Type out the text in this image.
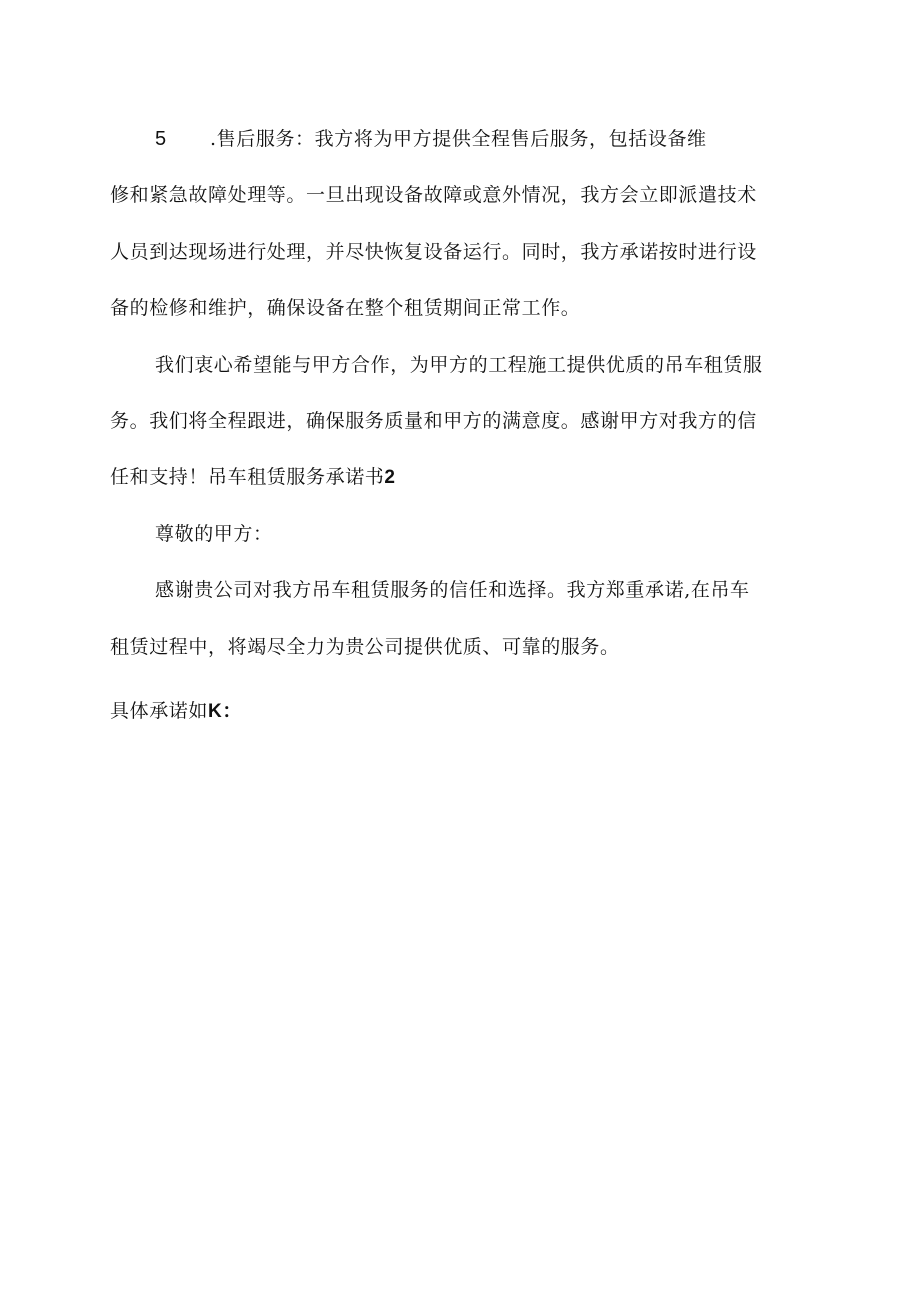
5 .售后服务：我方将为甲方提供全程售后服务，包括设备维
修和紧急故障处理等。一旦出现设备故障或意外情况，我方会立即派遣技术
人员到达现场进行处理，并尽快恢复设备运行。同时，我方承诺按时进行设
备的检修和维护，确保设备在整个租赁期间正常工作。
我们衷心希望能与甲方合作，为甲方的工程施工提供优质的吊车租赁服
务。我们将全程跟进，确保服务质量和甲方的满意度。感谢甲方对我方的信
任和支持！吊车租赁服务承诺书2
尊敬的甲方：
感谢贵公司对我方吊车租赁服务的信任和选择。我方郑重承诺,在吊车
租赁过程中，将竭尽全力为贵公司提供优质、可靠的服务。
具体承诺如K：
